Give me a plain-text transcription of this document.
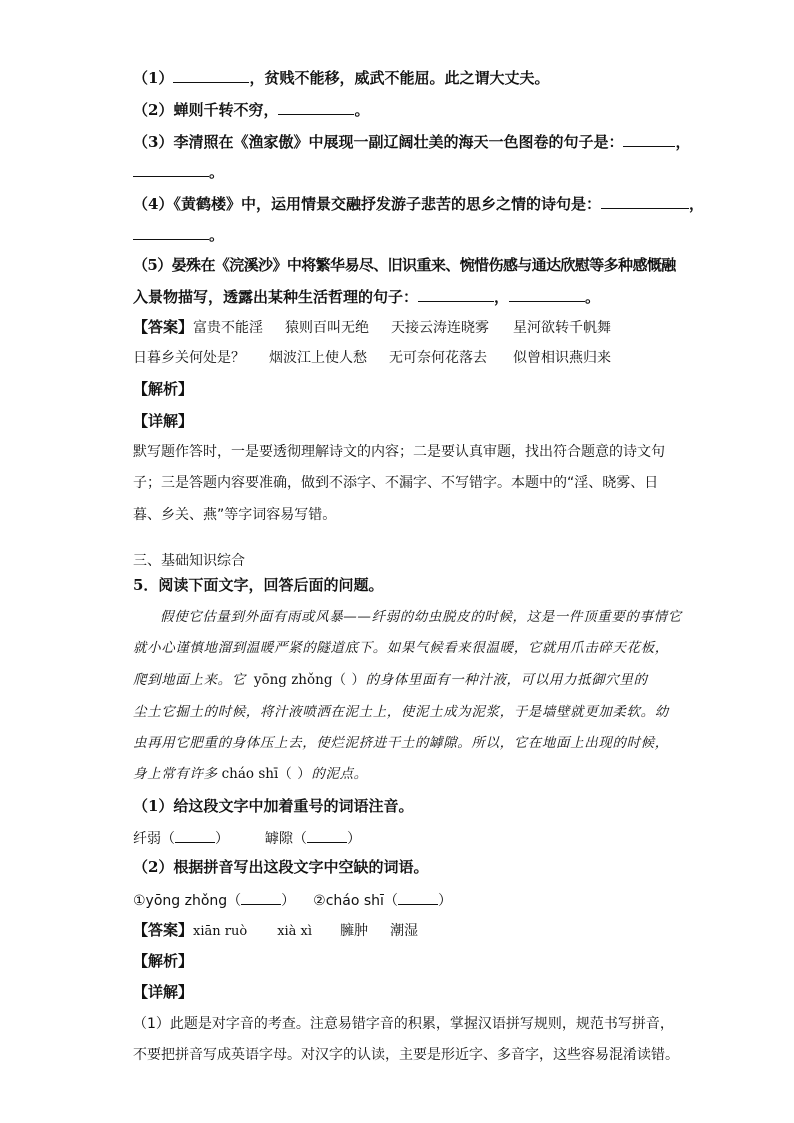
（1）	，贫贱不能移，威武不能屈。此之谓大丈夫。
（2）蝉则千转不穷，	。
（3）李清照在《渔家傲》中展现一副辽阔壮美的海天一色图卷的句子是：	，
。
（4）《黄鹤楼》中，运用情景交融抒发游子悲苦的思乡之情的诗句是：	，
。
（5）晏殊在《浣溪沙》中将繁华易尽、旧识重来、惋惜伤感与通达欣慰等多种感慨融
入景物描写，透露出某种生活哲理的句子：	，	。
【答案】富贵不能淫 猿则百叫无绝 天接云涛连晓雾 星河欲转千帆舞
日暮乡关何处是？ 烟波江上使人愁 无可奈何花落去 似曾相识燕归来
【解析】
【详解】
默写题作答时，一是要透彻理解诗文的内容；二是要认真审题，找出符合题意的诗文句
子；三是答题内容要准确，做到不添字、不漏字、不写错字。本题中的“淫、晓雾、日
暮、乡关、燕”等字词容易写错。
三、基础知识综合
5．阅读下面文字，回答后面的问题。
假使它估量到外面有雨或风暴——纤弱的幼虫脱皮的时候，这是一件顶重要的事情它
就小心谨慎地溜到温暖严紧的隧道底下。如果气候看来很温暖，它就用爪击碎天花板，
爬到地面上来。它 yōng zhǒng（ ）的身体里面有一种汁液，可以用力抵御穴里的
尘土它掘土的时候，将汁液喷洒在泥土上，使泥土成为泥浆，于是墙壁就更加柔软。幼
虫再用它肥重的身体压上去，使烂泥挤进干土的罅隙。所以，它在地面上出现的时候，
身上常有许多 cháo shī（ ）的泥点。
（1）给这段文字中加着重号的词语注音。
纤弱（	）	罅隙（	）
（2）根据拼音写出这段文字中空缺的词语。
①yōng zhǒng（	） ②cháo shī（	）
【答案】xiān ruò xià xì 臃肿 潮湿
【解析】
【详解】
（1）此题是对字音的考查。注意易错字音的积累，掌握汉语拼写规则，规范书写拼音，
不要把拼音写成英语字母。对汉字的认读，主要是形近字、多音字，这些容易混淆读错。
